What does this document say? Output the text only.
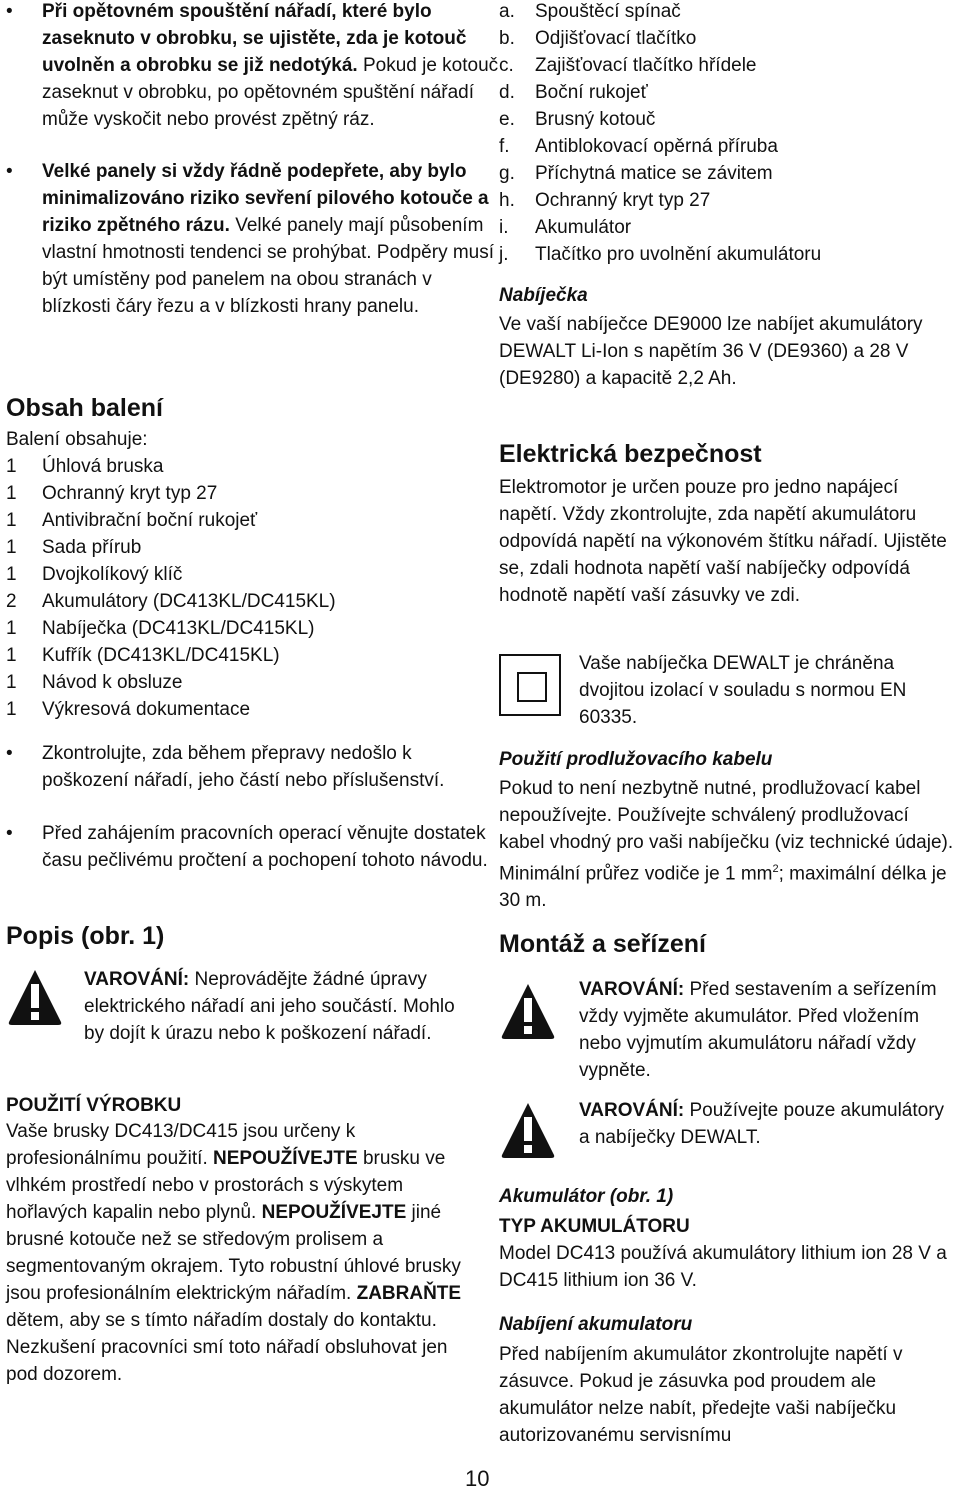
• Při opětovném spouštění nářadí, které bylo zaseknuto v obrobku, se ujistěte, zda je kotouč uvolněn a obrobku se již nedotýká. Pokud je kotouč zaseknut v obrobku, po opětovném spuštění nářadí může vyskočit nebo provést zpětný ráz.
• Velké panely si vždy řádně podepřete, aby bylo minimalizováno riziko sevření pilového kotouče a riziko zpětného rázu. Velké panely mají působením vlastní hmotnosti tendenci se prohýbat. Podpěry musí být umístěny pod panelem na obou stranách v blízkosti čáry řezu a v blízkosti hrany panelu.
Obsah balení
Balení obsahuje:
1	Úhlová bruska
1	Ochranný kryt typ 27
1	Antivibrační boční rukojeť
1	Sada přírub
1	Dvojkolíkový klíč
2	Akumulátory (DC413KL/DC415KL)
1	Nabíječka (DC413KL/DC415KL)
1	Kufřík (DC413KL/DC415KL)
1	Návod k obsluze
1	Výkresová dokumentace
• Zkontrolujte, zda během přepravy nedošlo k poškození nářadí, jeho částí nebo příslušenství.
• Před zahájením pracovních operací věnujte dostatek času pečlivému pročtení a pochopení tohoto návodu.
Popis (obr. 1)
VAROVÁNÍ: Neprovádějte žádné úpravy elektrického nářadí ani jeho součástí. Mohlo by dojít k úrazu nebo k poškození nářadí.
POUŽITÍ VÝROBKU
Vaše brusky DC413/DC415 jsou určeny k profesionálnímu použití. NEPOUŽÍVEJTE brusku ve vlhkém prostředí nebo v prostorách s výskytem hořlavých kapalin nebo plynů. NEPOUŽÍVEJTE jiné brusné kotouče než se středovým prolisem a segmentovaným okrajem. Tyto robustní úhlové brusky jsou profesionálním elektrickým nářadím. ZABRAŇTE dětem, aby se s tímto nářadím dostaly do kontaktu. Nezkušení pracovníci smí toto nářadí obsluhovat jen pod dozorem.
a.	Spouštěcí spínač
b.	Odjišťovací tlačítko
c.	Zajišťovací tlačítko hřídele
d.	Boční rukojeť
e.	Brusný kotouč
f.	Antiblokovací opěrná příruba
g.	Příchytná matice se závitem
h.	Ochranný kryt typ 27
i.	Akumulátor
j.	Tlačítko pro uvolnění akumulátoru
Nabíječka
Ve vaší nabíječce DE9000 lze nabíjet akumulátory DEWALT Li-Ion s napětím 36 V (DE9360) a 28 V (DE9280) a kapacitě 2,2 Ah.
Elektrická bezpečnost
Elektromotor je určen pouze pro jedno napájecí napětí. Vždy zkontrolujte, zda napětí akumulátoru odpovídá napětí na výkonovém štítku nářadí. Ujistěte se, zdali hodnota napětí vaší nabíječky odpovídá hodnotě napětí vaší zásuvky ve zdi.
Vaše nabíječka DEWALT je chráněna dvojitou izolací v souladu s normou EN 60335.
Použití prodlužovacího kabelu
Pokud to není nezbytně nutné, prodlužovací kabel nepoužívejte. Používejte schválený prodlužovací kabel vhodný pro vaši nabíječku (viz technické údaje). Minimální průřez vodiče je 1 $mm^2$; maximální délka je 30 m.
Montáž a seřízení
VAROVÁNÍ: Před sestavením a seřízením vždy vyjměte akumulátor. Před vložením nebo vyjmutím akumulátoru nářadí vždy vypněte.
VAROVÁNÍ: Používejte pouze akumulátory a nabíječky DEWALT.
Akumulátor (obr. 1)
TYP AKUMULÁTORU
Model DC413 používá akumulátory lithium ion 28 V a DC415 lithium ion 36 V.
Nabíjení akumulatoru
Před nabíjením akumulátor zkontrolujte napětí v zásuvce. Pokud je zásuvka pod proudem ale akumulátor nelze nabít, předejte vaši nabíječku autorizovanému servisnímu
10
